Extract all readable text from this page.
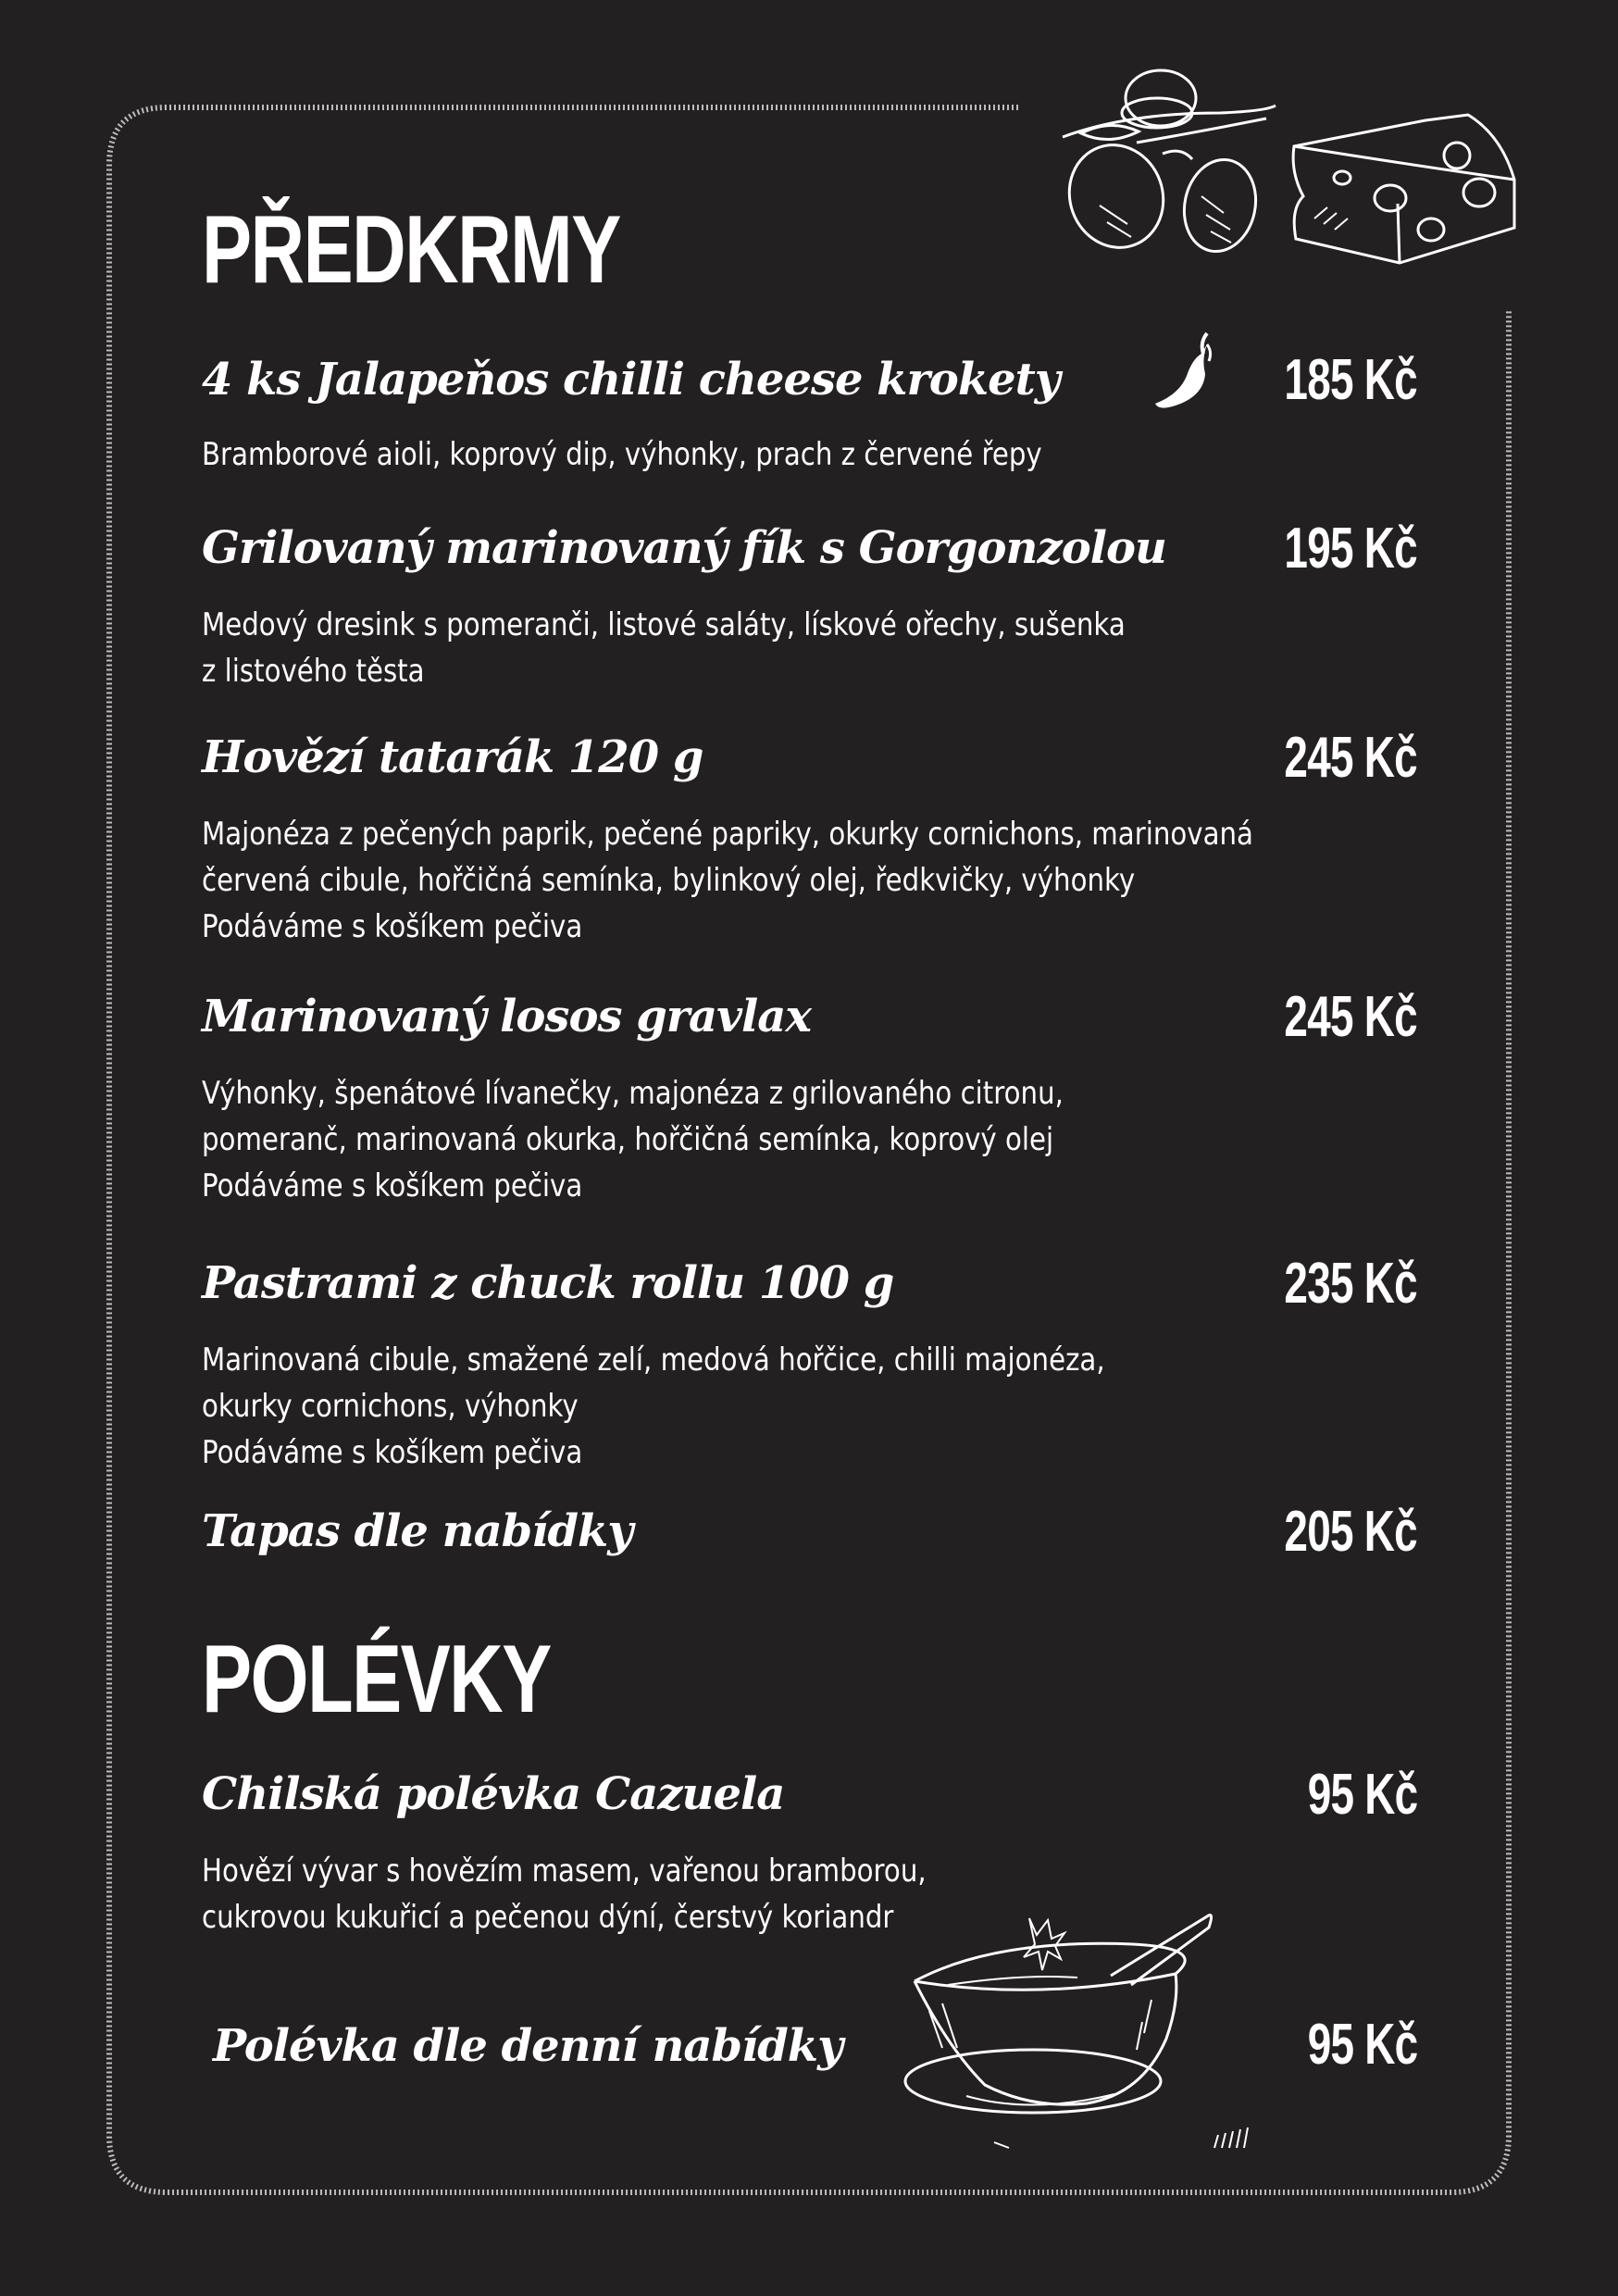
PŘEDKRMY
4 ks Jalapeňos chilli cheese krokety	185 Kč
Bramborové aioli, koprový dip, výhonky, prach z červené řepy
Grilovaný marinovaný fík s Gorgonzolou 195 Kč
Medový dresink s pomeranči, listové saláty, lískové ořechy, sušenka
z listového těsta
Hovězí tatarák 120 g	245 Kč
Majonéza z pečených paprik, pečené papriky, okurky cornichons, marinovaná
červená cibule, hořčičná semínka, bylinkový olej, ředkvičky, výhonky
Podáváme s košíkem pečiva
Marinovaný losos gravlax	245 Kč
Výhonky, špenátové lívanečky, majonéza z grilovaného citronu,
pomeranč, marinovaná okurka, hořčičná semínka, koprový olej
Podáváme s košíkem pečiva
Pastrami z chuck rollu 100 g	235 Kč
Marinovaná cibule, smažené zelí, medová hořčice, chilli majonéza,
okurky cornichons, výhonky
Podáváme s košíkem pečiva
Tapas dle nabídky	205 Kč
POLÉVKY
Chilská polévka Cazuela	95 Kč
Hovězí vývar s hovězím masem, vařenou bramborou,
cukrovou kukuřicí a pečenou dýní, čerstvý koriandr
Polévka dle denní nabídky	95 Kč
